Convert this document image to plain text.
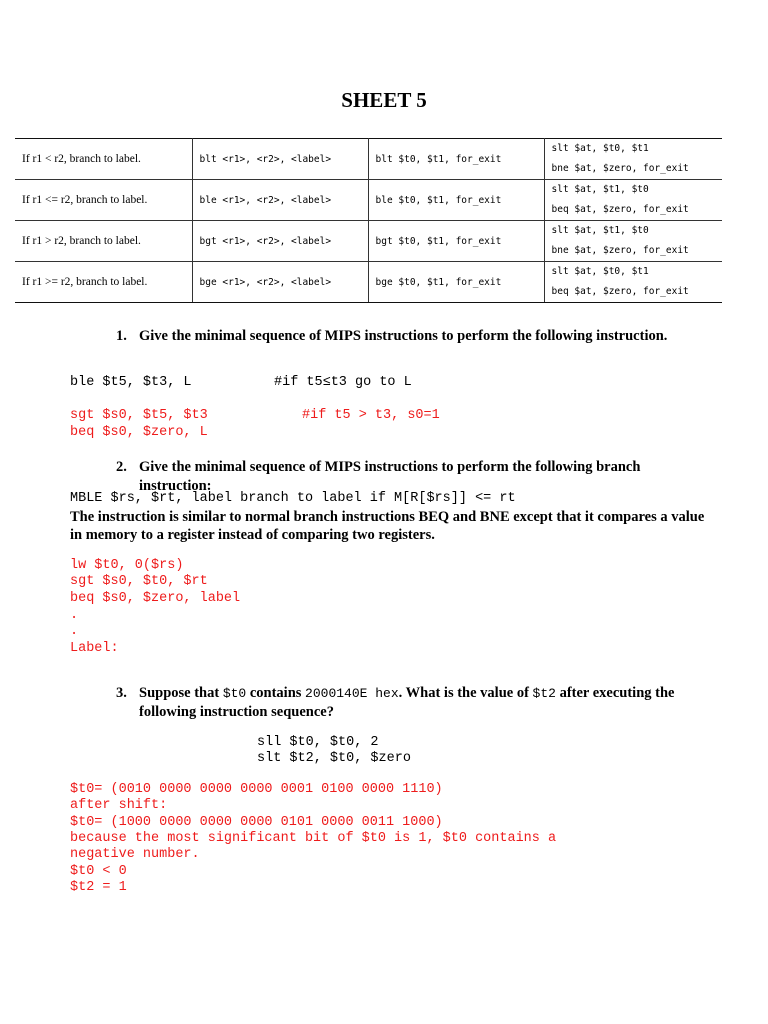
SHEET 5
If r1 < r2, branch to label.	blt <r1>, <r2>, <label>	blt $t0, $t1, for_exit	slt $at, $t0, $t1
bne $at, $zero, for_exit

If r1 <= r2, branch to label.	ble <r1>, <r2>, <label>	ble $t0, $t1, for_exit	slt $at, $t1, $t0
beq $at, $zero, for_exit

If r1 > r2, branch to label.	bgt <r1>, <r2>, <label>	bgt $t0, $t1, for_exit	slt $at, $t1, $t0
bne $at, $zero, for_exit

If r1 >= r2, branch to label.	bge <r1>, <r2>, <label>	bge $t0, $t1, for_exit	slt $at, $t0, $t1
beq $at, $zero, for_exit
1. Give the minimal sequence of MIPS instructions to perform the following instruction.
ble $t5, $t3, L	#if t5≤t3 go to L
sgt $s0, $t5, $t3	#if t5 > t3, s0=1
beq $s0, $zero, L
2. Give the minimal sequence of MIPS instructions to perform the following branch instruction:
MBLE $rs, $rt, label branch to label if M[R[$rs]] <= rt
The instruction is similar to normal branch instructions BEQ and BNE except that it compares a value in memory to a register instead of comparing two registers.
lw $t0, 0($rs)
sgt $s0, $t0, $rt
beq $s0, $zero, label
.
.
Label:
3. Suppose that $t0 contains 2000140E hex. What is the value of $t2 after executing the following instruction sequence?
sll $t0, $t0, 2
slt $t2, $t0, $zero
$t0= (0010 0000 0000 0000 0001 0100 0000 1110)
after shift:
$t0= (1000 0000 0000 0000 0101 0000 0011 1000)
because the most significant bit of $t0 is 1, $t0 contains a
negative number.
$t0 < 0
$t2 = 1
